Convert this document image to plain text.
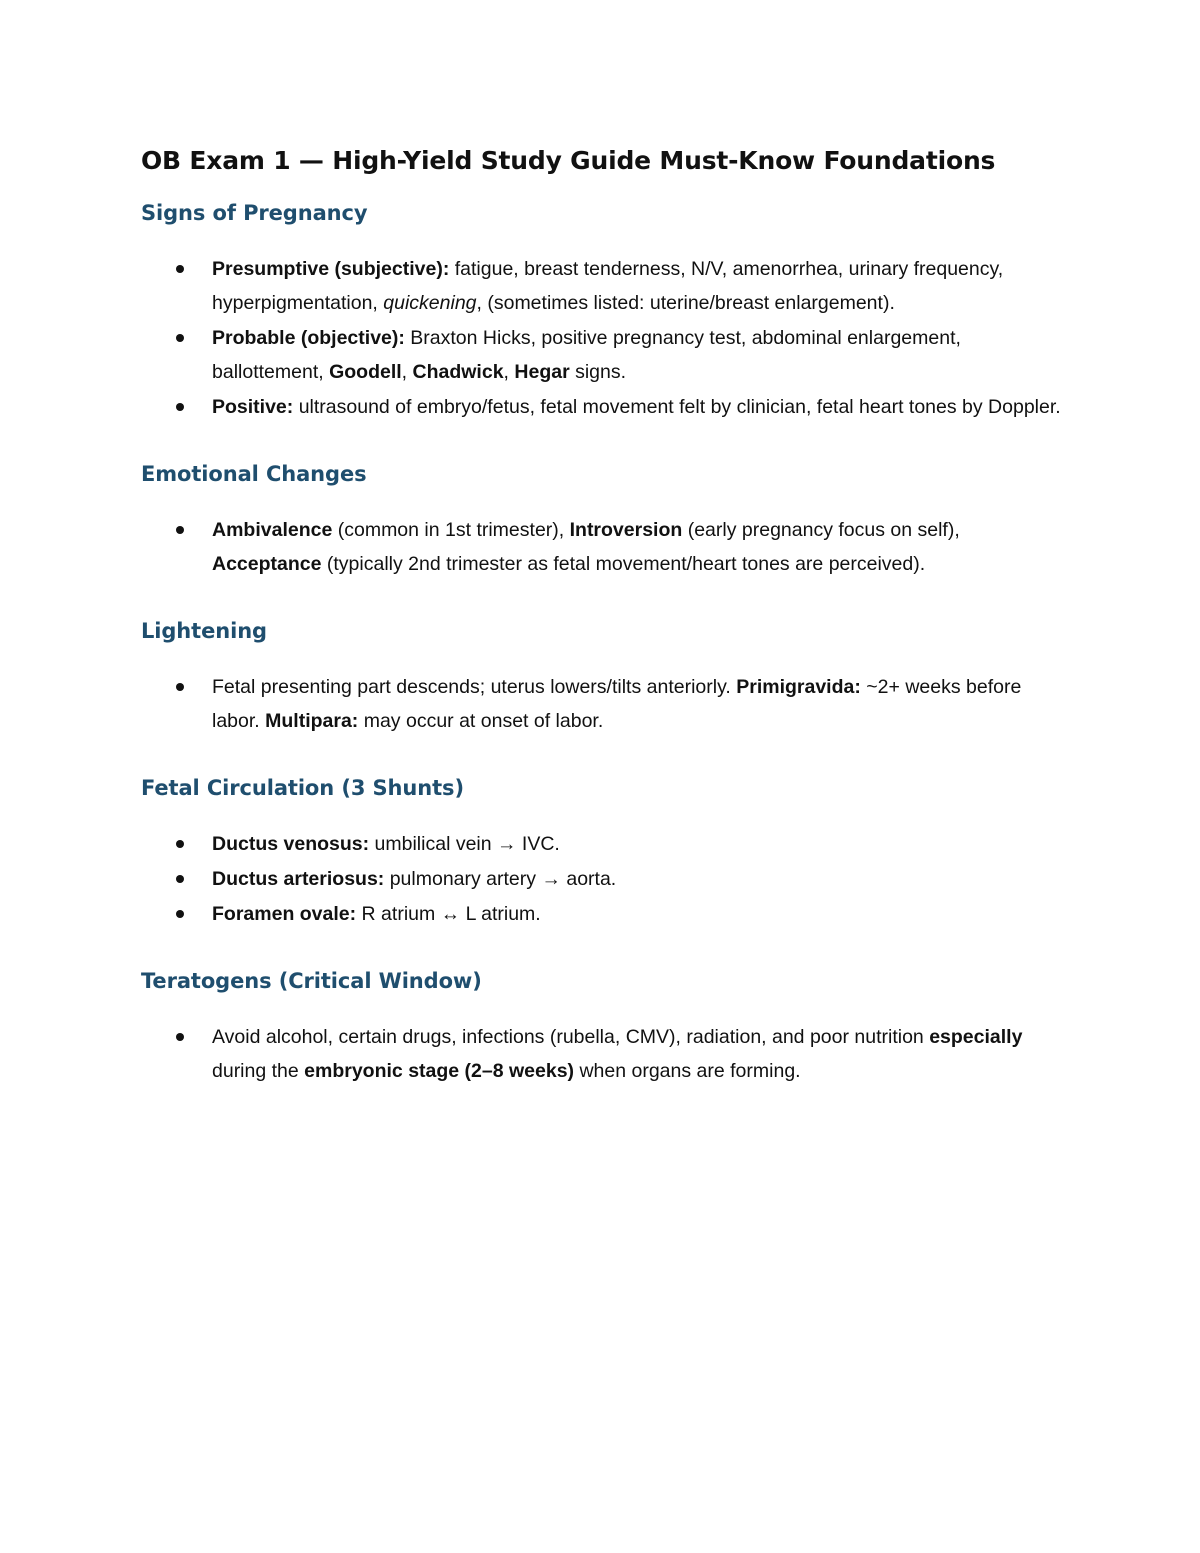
OB Exam 1 — High-Yield Study Guide Must-Know Foundations
Signs of Pregnancy
Presumptive (subjective): fatigue, breast tenderness, N/V, amenorrhea, urinary frequency, hyperpigmentation, quickening, (sometimes listed: uterine/breast enlargement).
Probable (objective): Braxton Hicks, positive pregnancy test, abdominal enlargement, ballottement, Goodell, Chadwick, Hegar signs.
Positive: ultrasound of embryo/fetus, fetal movement felt by clinician, fetal heart tones by Doppler.
Emotional Changes
Ambivalence (common in 1st trimester), Introversion (early pregnancy focus on self), Acceptance (typically 2nd trimester as fetal movement/heart tones are perceived).
Lightening
Fetal presenting part descends; uterus lowers/tilts anteriorly. Primigravida: ~2+ weeks before labor. Multipara: may occur at onset of labor.
Fetal Circulation (3 Shunts)
Ductus venosus: umbilical vein → IVC.
Ductus arteriosus: pulmonary artery → aorta.
Foramen ovale: R atrium ↔ L atrium.
Teratogens (Critical Window)
Avoid alcohol, certain drugs, infections (rubella, CMV), radiation, and poor nutrition especially during the embryonic stage (2–8 weeks) when organs are forming.
